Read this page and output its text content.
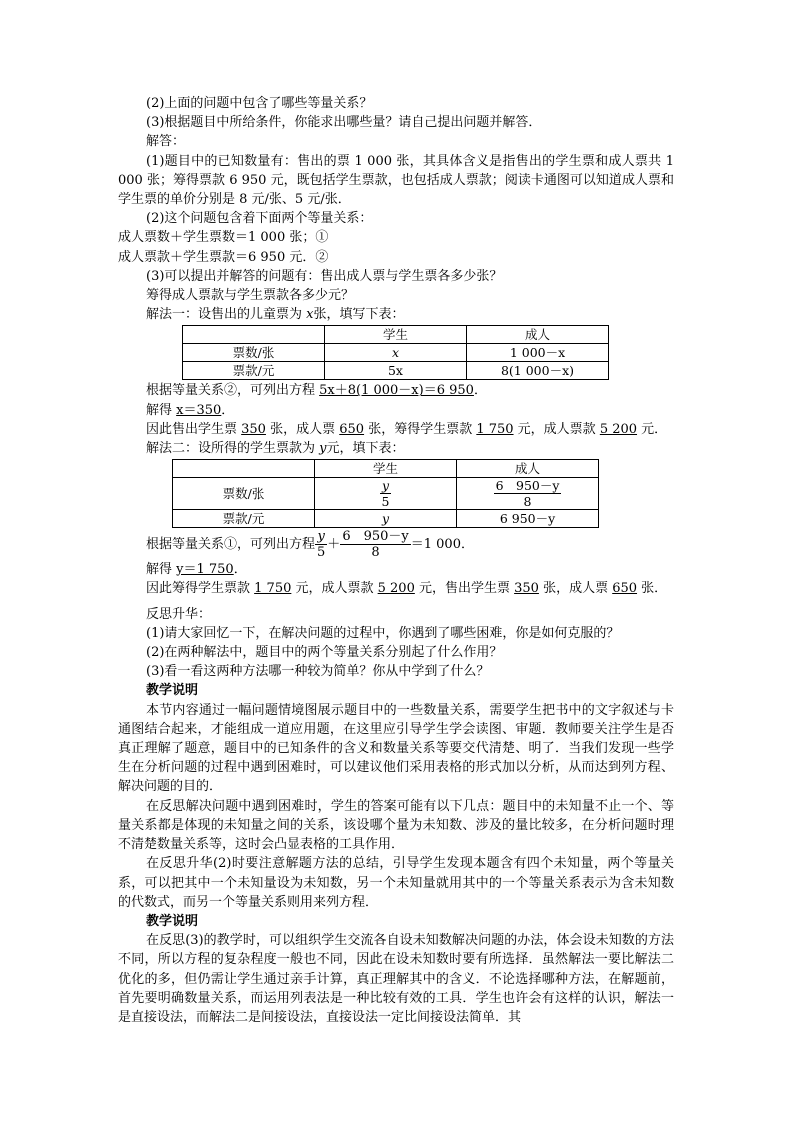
(2)上面的问题中包含了哪些等量关系？

(3)根据题目中所给条件，你能求出哪些量？请自己提出问题并解答．

解答：

(1)题目中的已知数量有：售出的票 1 000 张，其具体含义是指售出的学生票和成人票共 1 000 张；筹得票款 6 950 元，既包括学生票款，也包括成人票款；阅读卡通图可以知道成人票和学生票的单价分别是 8 元/张、5 元/张．

(2)这个问题包含着下面两个等量关系：

成人票数＋学生票数＝1 000 张；①

成人票款＋学生票款＝6 950 元．②

(3)可以提出并解答的问题有：售出成人票与学生票各多少张？

筹得成人票款与学生票款各多少元？

解法一：设售出的儿童票为 x张，填写下表：

	学生	成人
票数/张	x	1 000－x
票款/元	5x	8(1 000－x)

根据等量关系②，可列出方程 5x＋8(1 000－x)＝6 950．

解得 x＝350．

因此售出学生票 350 张，成人票 650 张，筹得学生票款 1 750 元，成人票款 5 200 元．

解法二：设所得的学生票款为 y元，填下表：

	学生	成人
票数/张	$\frac{y}{5}$	$\frac{6 950-y}{8}$

票款/元	y	6 950－y

根据等量关系①，可列出方程 $\frac{y}{5} + \frac{6 950-y}{8} =1$ 000．

解得 y＝1 750．

因此筹得学生票款 1 750 元，成人票款 5 200 元，售出学生票 350 张，成人票 650 张．

反思升华：

(1)请大家回忆一下，在解决问题的过程中，你遇到了哪些困难，你是如何克服的？

(2)在两种解法中，题目中的两个等量关系分别起了什么作用？

(3)看一看这两种方法哪一种较为简单？你从中学到了什么？

教学说明

本节内容通过一幅问题情境图展示题目中的一些数量关系，需要学生把书中的文字叙述与卡通图结合起来，才能组成一道应用题，在这里应引导学生学会读图、审题．教师要关注学生是否真正理解了题意，题目中的已知条件的含义和数量关系等要交代清楚、明了．当我们发现一些学生在分析问题的过程中遇到困难时，可以建议他们采用表格的形式加以分析，从而达到列方程、解决问题的目的．

在反思解决问题中遇到困难时，学生的答案可能有以下几点：题目中的未知量不止一个、等量关系都是体现的未知量之间的关系，该设哪个量为未知数、涉及的量比较多，在分析问题时理不清楚数量关系等，这时会凸显表格的工具作用．

在反思升华(2)时要注意解题方法的总结，引导学生发现本题含有四个未知量，两个等量关系，可以把其中一个未知量设为未知数，另一个未知量就用其中的一个等量关系表示为含未知数的代数式，而另一个等量关系则用来列方程．

教学说明

在反思(3)的教学时，可以组织学生交流各自设未知数解决问题的办法，体会设未知数的方法不同，所以方程的复杂程度一般也不同，因此在设未知数时要有所选择．虽然解法一要比解法二优化的多，但仍需让学生通过亲手计算，真正理解其中的含义．不论选择哪种方法，在解题前，首先要明确数量关系，而运用列表法是一种比较有效的工具．学生也许会有这样的认识，解法一是直接设法，而解法二是间接设法，直接设法一定比间接设法简单．其
